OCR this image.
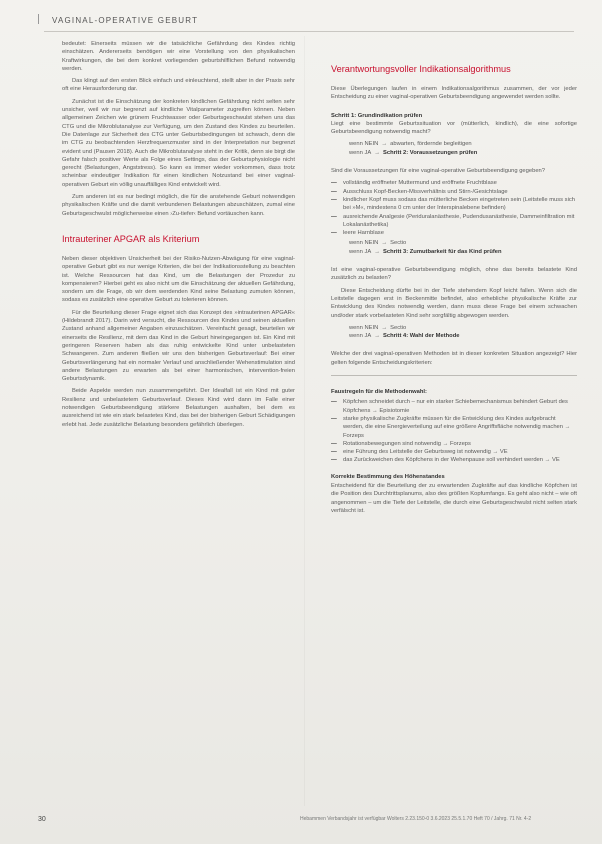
VAGINAL-OPERATIVE GEBURT

bedeutet: Einerseits müssen wir die tatsächliche Gefährdung des Kindes richtig einschätzen. Andererseits benötigen wir eine Vorstellung von den physikalischen Kraftwirkungen, die bei dem konkret vorliegenden geburtshilflichen Befund notwendig werden.

Das klingt auf den ersten Blick einfach und einleuchtend, stellt aber in der Praxis sehr oft eine Herausforderung dar.

Zunächst ist die Einschätzung der konkreten kindlichen Gefährdung nicht selten sehr unsicher, weil wir nur begrenzt auf kindliche Vitalparameter zugreifen können. Neben allgemeinen Zeichen wie grünem Fruchtwasser oder Geburtsgeschwulst stehen uns das CTG und die Mikroblutanalyse zur Verfügung, um den Zustand des Kindes zu beurteilen. Die Datenlage zur Sicherheit des CTG unter Geburtsbedingungen ist schwach, denn die im CTG zu beobachtenden Herzfrequenzmuster sind in der Interpretation nur begrenzt evident und (Pausen 2018). Auch die Mikroblutanalyse steht in der Kritik, denn sie birgt die Gefahr falsch positiver Werte als Folge eines Settings, das der Geburtsphysiologie nicht gerecht (Belastungen, Angststress). So kann es immer wieder vorkommen, dass trotz scheinbar eindeutiger Indikation für einen kindlichen Notzustand bei einer vaginal-operativen Geburt ein völlig unauffälliges Kind entwickelt wird.

Zum anderen ist es nur bedingt möglich, die für die anstehende Geburt notwendigen physikalischen Kräfte und die damit verbundenen Belastungen abzuschätzen, zumal eine Geburtsgeschwulst möglicherweise einen ›Zu-tiefer‹ Befund vortäuschen kann.

Intrauteriner APGAR als Kriterium

Neben dieser objektiven Unsicherheit bei der Risiko-Nutzen-Abwägung für eine vaginal-operative Geburt gibt es nur wenige Kriterien, die bei der Indikationsstellung zu beachten ist. Welche Ressourcen hat das Kind, um die Belastungen der Prozedur zu kompensieren? Hierbei geht es also nicht um die Einschätzung der aktuellen Gefährdung, sondern um die Frage, ob wir dem werdenden Kind seine Belastung zumuten können, sodass es zusätzlich eine operative Geburt zu tolerieren können.

Für die Beurteilung dieser Frage eignet sich das Konzept des »intrauterinen APGAR« (Hildebrandt 2017). Darin wird versucht, die Ressourcen des Kindes und seinen aktuellen Zustand anhand allgemeiner Angaben einzuschätzen. Vereinfacht gesagt, beurteilen wir einerseits die Resilienz, mit dem das Kind in die Geburt hineingegangen ist. Ein Kind mit geringeren Reserven haben als das ruhig entwickelte Kind unter unbelasteten Schwangeren. Zum anderen fließen wir uns den bisherigen Geburtsverlauf: Bei einer Geburtsverlängerung hat ein normaler Verlauf und anschließender Wehenstimulation sind andere Belastungen zu erwarten als bei einer harmonischen, intervention-freien Geburtsdynamik.

Beide Aspekte werden nun zusammengeführt. Der Idealfall ist ein Kind mit guter Resilienz und unbelastetem Geburtsverlauf. Dieses Kind wird dann im Falle einer notwendigen Geburtsbeendigung stärkere Belastungen aushalten, bei dem es ausreichend ist wie ein stark belastetes Kind, das bei der bisherigen Geburt Schädigungen erlebt hat. Jede zusätzliche Belastung besonders gefährlich überlegen.

Verantwortungsvoller Indikationsalgorithmus

Diese Überlegungen laufen in einem Indikationsalgorithmus zusammen, der vor jeder Entscheidung zu einer vaginal-operativen Geburtsbeendigung angewendet werden sollte.

Schritt 1: Grundindikation prüfen

Liegt eine bestimmte Geburtssituation vor (mütterlich, kindlich), die eine sofortige Geburtsbeendigung notwendig macht?

wenn NEIN → abwarten, fördernde begleitigen
wenn JA → Schritt 2: Voraussetzungen prüfen

Sind die Voraussetzungen für eine vaginal-operative Geburtsbeendigung gegeben?

— vollständig eröffneter Muttermund und eröffnete Fruchtblase
— Ausschluss Kopf-Becken-Missverhältnis und Stirn-/Gesichtslage
— kindlicher Kopf muss sodass das mütterliche Becken eingetreten sein (Leitstelle muss sich bei »M«, mindestens 0 cm unter der Interspinalebene befinden)
— ausreichende Analgesie (Periduralanästhesie, Pudendusanästhesie, Dammeinfiltration mit Lokalanästhetika)
— leere Harnblase
wenn NEIN → Sectio
wenn JA → Schritt 3: Zumutbarkeit für das Kind prüfen

Ist eine vaginal-operative Geburtsbeendigung möglich, ohne das bereits belastete Kind zusätzlich zu belasten?

Diese Entscheidung dürfte bei in der Tiefe stehendem Kopf leicht fallen. Wenn sich die Leitstelle dagegen erst in Beckenmitte befindet, also erhebliche physikalische Kräfte zur Entwicklung des Kindes notwendig werden, dann muss diese Frage bei einem schwachen und/oder stark vorbelasteten Kind sehr sorgfältig abgewogen werden.

wenn NEIN → Sectio
wenn JA → Schritt 4: Wahl der Methode

Welche der drei vaginal-operativen Methoden ist in dieser konkreten Situation angezeigt? Hier gelten folgende Entscheidungskriterien:

Faustregeln für die Methodenwahl:
— Köpfchen schneidet durch – nur ein starker Schiebemechanismus behindert Geburt des Köpfchens → Episiotomie
— starke physikalische Zugkräfte müssen für die Entwicklung des Kindes aufgebracht werden, die eine Energieverteilung auf eine größere Angriffsfläche notwendig machen → Forzeps
— Rotationsbewegungen sind notwendig → Forzeps
— eine Führung des Leitstelle der Geburtsweg ist notwendig → VE
— das Zurückweichen des Köpfchens in der Wehenpause soll verhindert werden → VE
Korrekte Bestimmung des Höhenstandes

Entscheidend für die Beurteilung der zu erwartenden Zugkräfte auf das kindliche Köpfchen ist die Position des Durchtrittsplanums, also des größten Kopfumfangs. Es geht also nicht – wie oft angenommen – um die Tiefe der Leitstelle, die durch eine Geburtsgeschwulst nicht selten stark verfälscht ist.

30	Hebammen Verbandsjahr ist verfügbar Wolters 2.23.150-0 3.6.2023 25.5.1.70 Heft 70 / Jahrg. 71 Nr. 4-2
